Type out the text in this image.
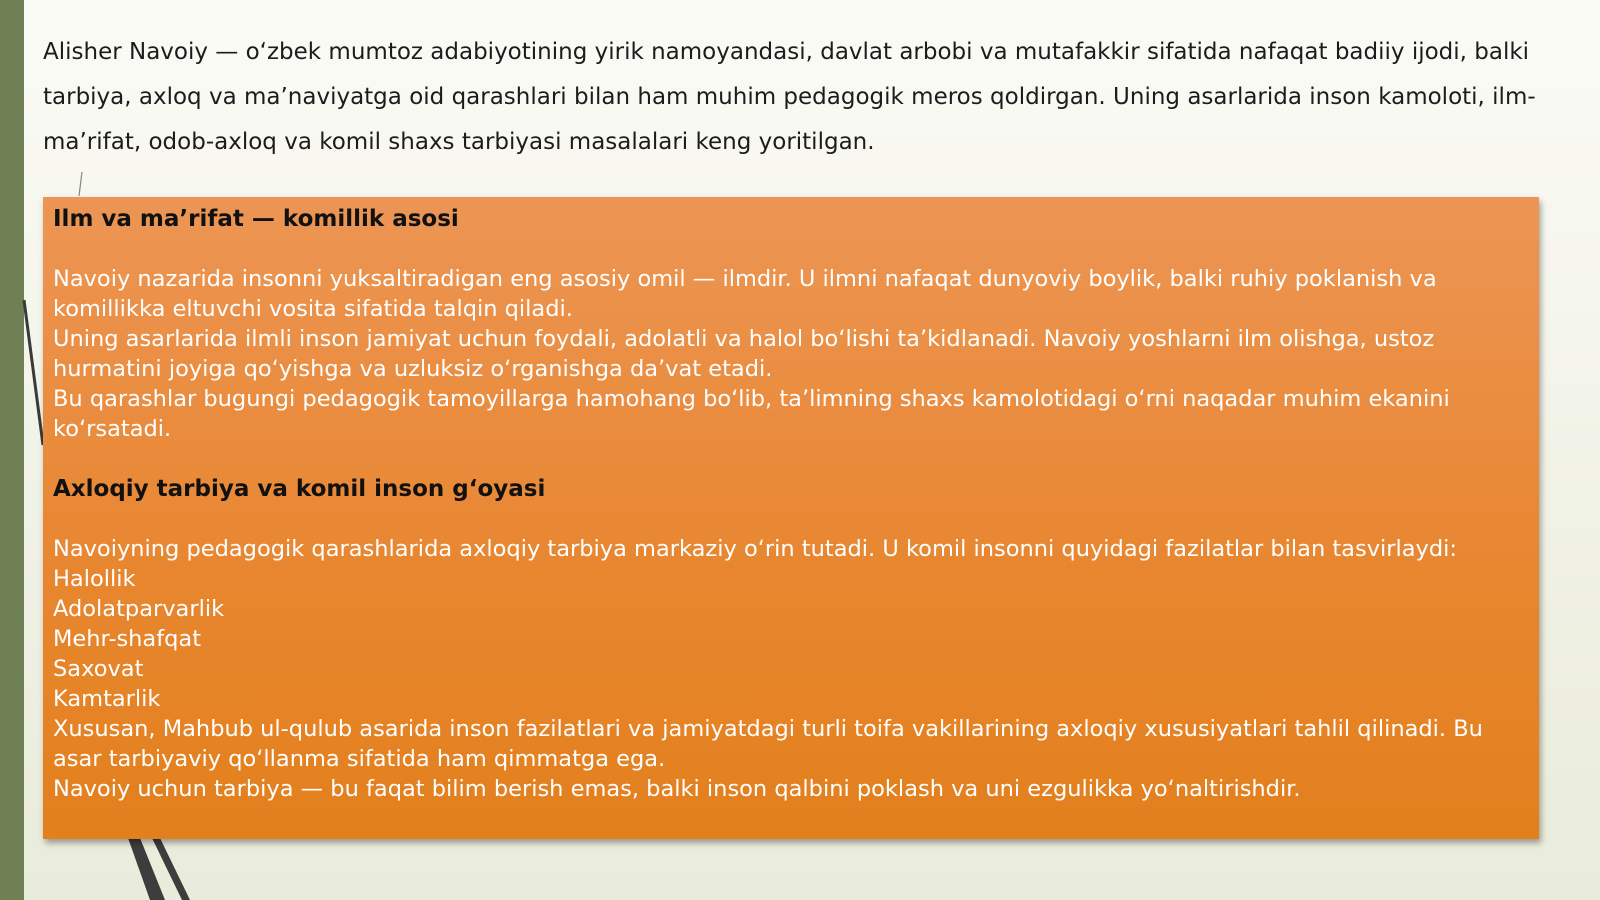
Alisher Navoiy — o‘zbek mumtoz adabiyotining yirik namoyandasi, davlat arbobi va mutafakkir sifatida nafaqat badiiy ijodi, balki tarbiya, axloq va ma’naviyatga oid qarashlari bilan ham muhim pedagogik meros qoldirgan. Uning asarlarida inson kamoloti, ilm-ma’rifat, odob-axloq va komil shaxs tarbiyasi masalalari keng yoritilgan.

Ilm va ma’rifat — komillik asosi

Navoiy nazarida insonni yuksaltiradigan eng asosiy omil — ilmdir. U ilmni nafaqat dunyoviy boylik, balki ruhiy poklanish va komillikka eltuvchi vosita sifatida talqin qiladi.

Uning asarlarida ilmli inson jamiyat uchun foydali, adolatli va halol bo‘lishi ta’kidlanadi. Navoiy yoshlarni ilm olishga, ustoz hurmatini joyiga qo‘yishga va uzluksiz o‘rganishga da’vat etadi.

Bu qarashlar bugungi pedagogik tamoyillarga hamohang bo‘lib, ta’limning shaxs kamolotidagi o‘rni naqadar muhim ekanini ko‘rsatadi.

Axloqiy tarbiya va komil inson g‘oyasi

Navoiyning pedagogik qarashlarida axloqiy tarbiya markaziy o‘rin tutadi. U komil insonni quyidagi fazilatlar bilan tasvirlaydi:

Halollik

Adolatparvarlik

Mehr-shafqat

Saxovat

Kamtarlik

Xususan, Mahbub ul-qulub asarida inson fazilatlari va jamiyatdagi turli toifa vakillarining axloqiy xususiyatlari tahlil qilinadi. Bu asar tarbiyaviy qo‘llanma sifatida ham qimmatga ega.

Navoiy uchun tarbiya — bu faqat bilim berish emas, balki inson qalbini poklash va uni ezgulikka yo‘naltirishdir.
